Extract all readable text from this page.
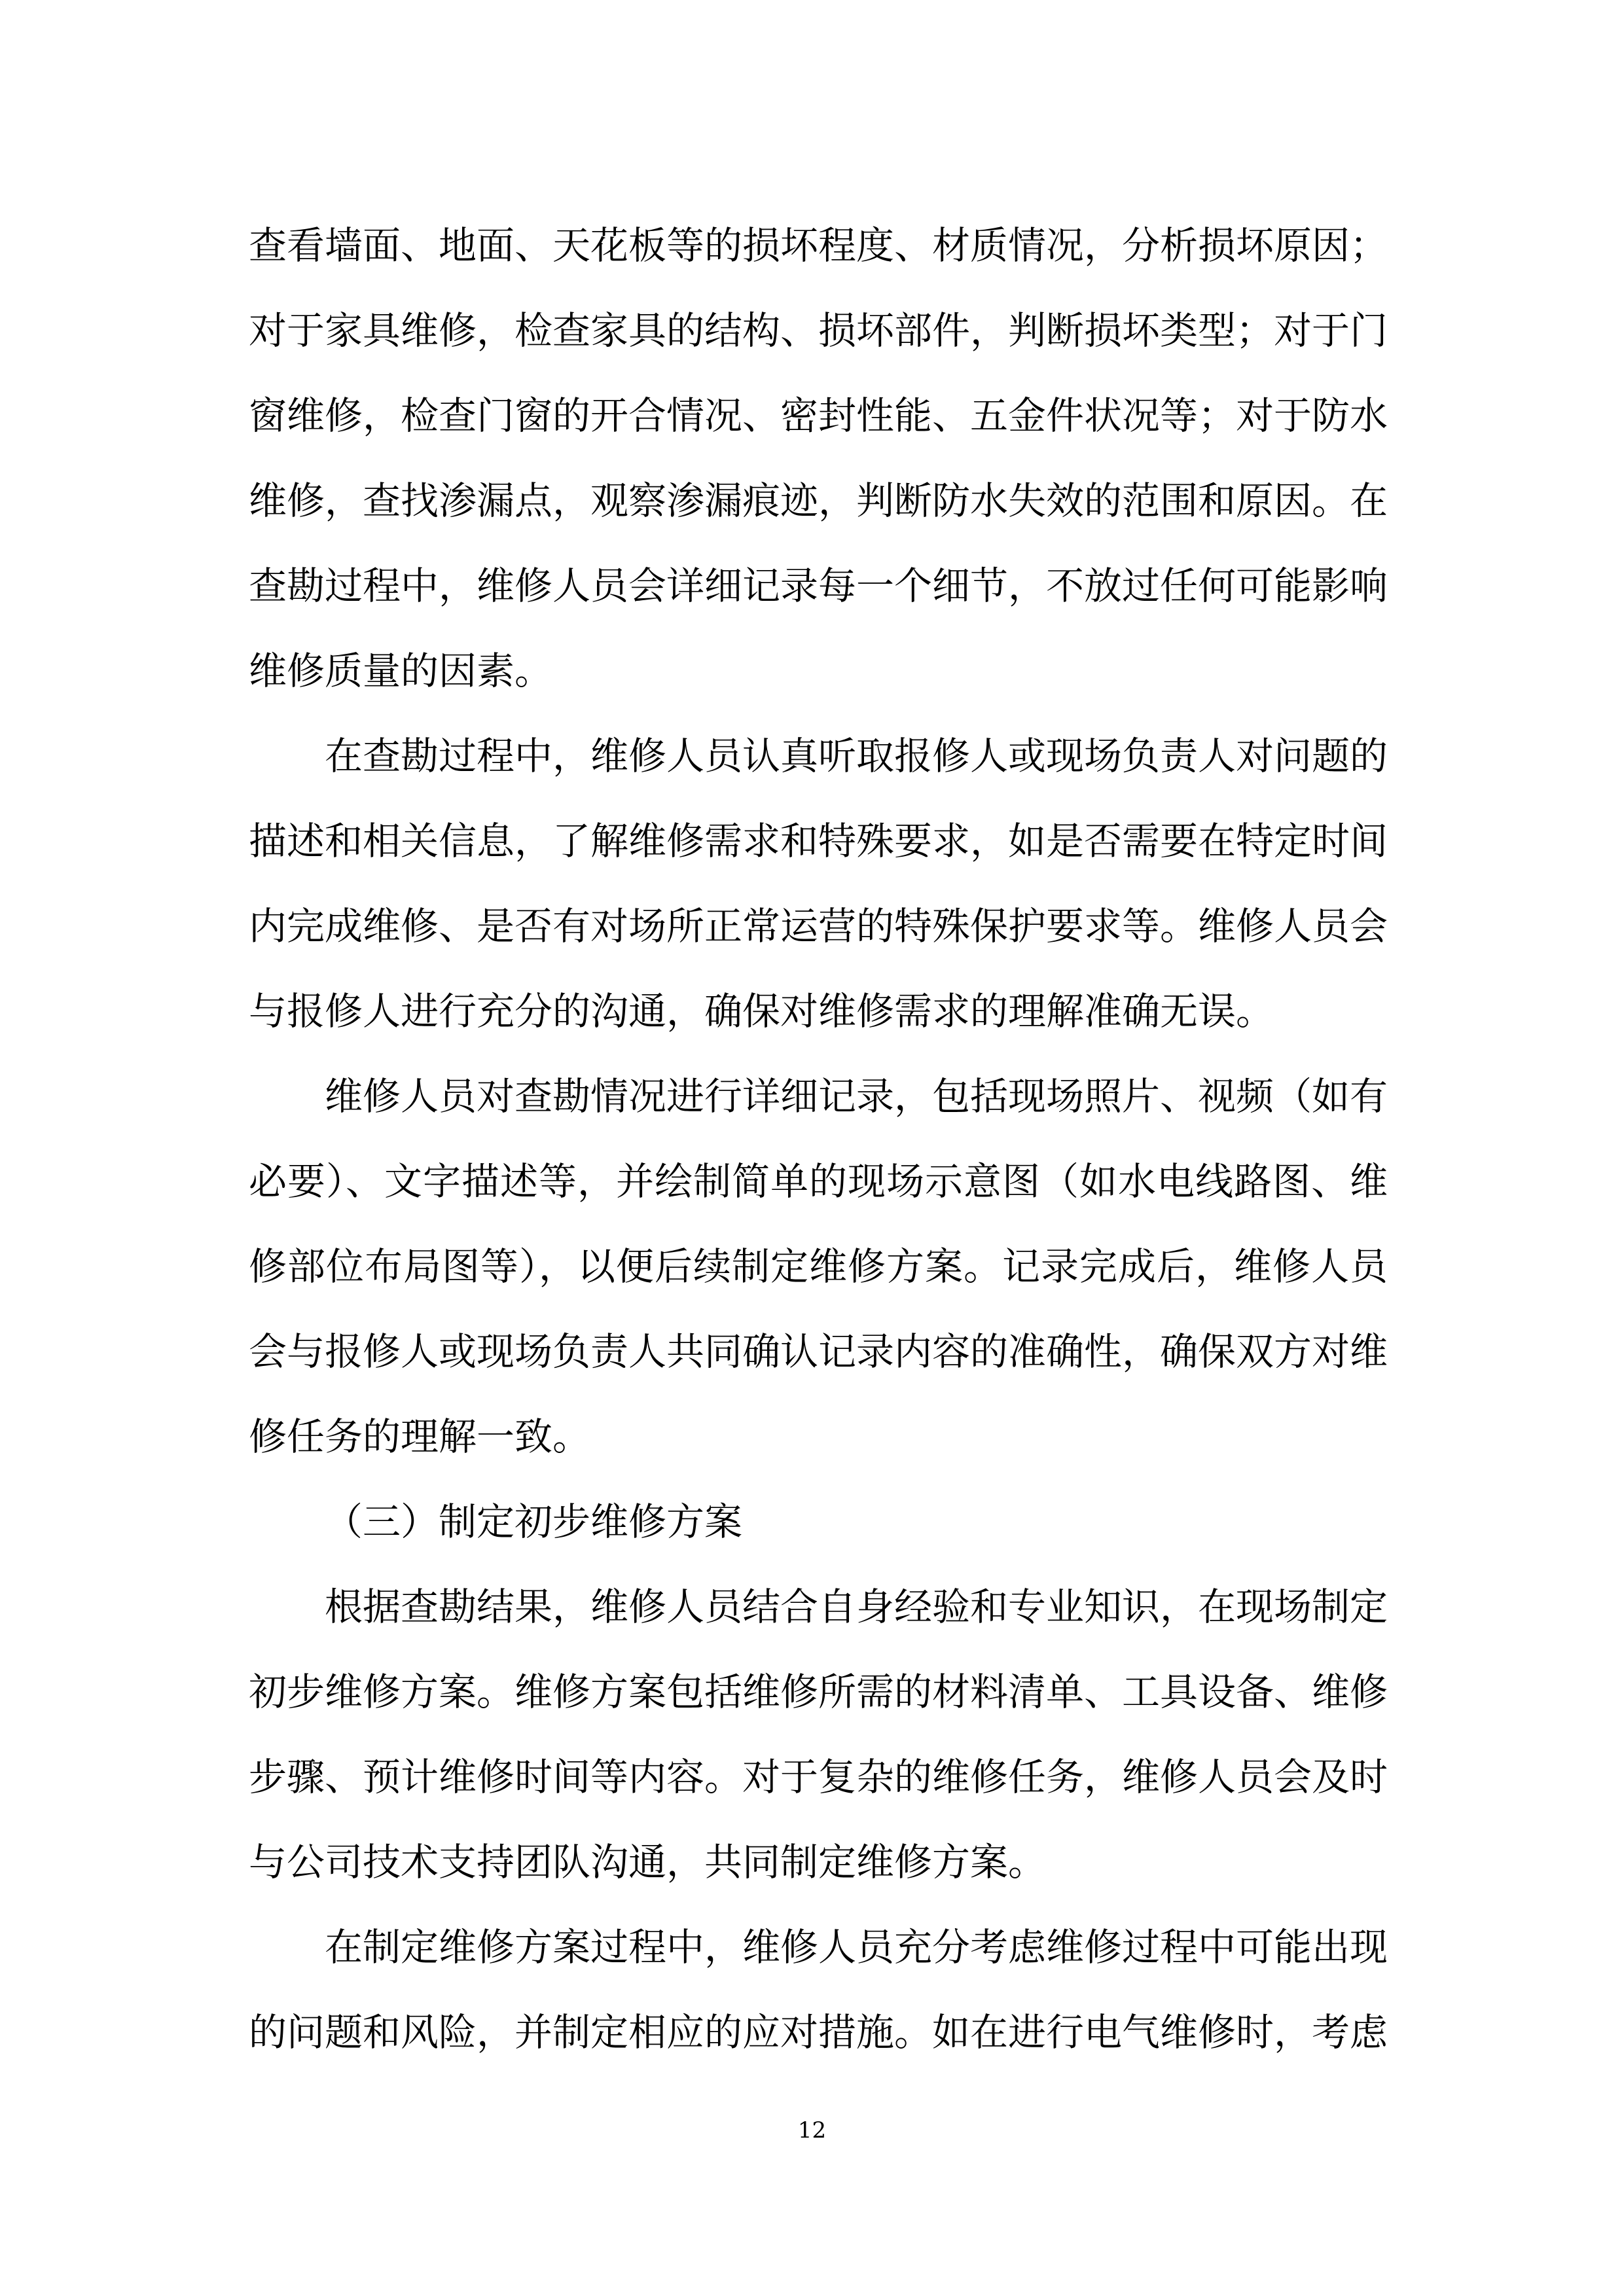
查看墙面、地面、天花板等的损坏程度、材质情况，分析损坏原因；
对于家具维修，检查家具的结构、损坏部件，判断损坏类型；对于门
窗维修，检查门窗的开合情况、密封性能、五金件状况等；对于防水
维修，查找渗漏点，观察渗漏痕迹，判断防水失效的范围和原因。在
查勘过程中，维修人员会详细记录每一个细节，不放过任何可能影响
维修质量的因素。
在查勘过程中，维修人员认真听取报修人或现场负责人对问题的
描述和相关信息，了解维修需求和特殊要求，如是否需要在特定时间
内完成维修、是否有对场所正常运营的特殊保护要求等。维修人员会
与报修人进行充分的沟通，确保对维修需求的理解准确无误。
维修人员对查勘情况进行详细记录，包括现场照片、视频（如有
必要）、文字描述等，并绘制简单的现场示意图（如水电线路图、维
修部位布局图等），以便后续制定维修方案。记录完成后，维修人员
会与报修人或现场负责人共同确认记录内容的准确性，确保双方对维
修任务的理解一致。
（三）制定初步维修方案
根据查勘结果，维修人员结合自身经验和专业知识，在现场制定
初步维修方案。维修方案包括维修所需的材料清单、工具设备、维修
步骤、预计维修时间等内容。对于复杂的维修任务，维修人员会及时
与公司技术支持团队沟通，共同制定维修方案。
在制定维修方案过程中，维修人员充分考虑维修过程中可能出现
的问题和风险，并制定相应的应对措施。如在进行电气维修时，考虑
12
